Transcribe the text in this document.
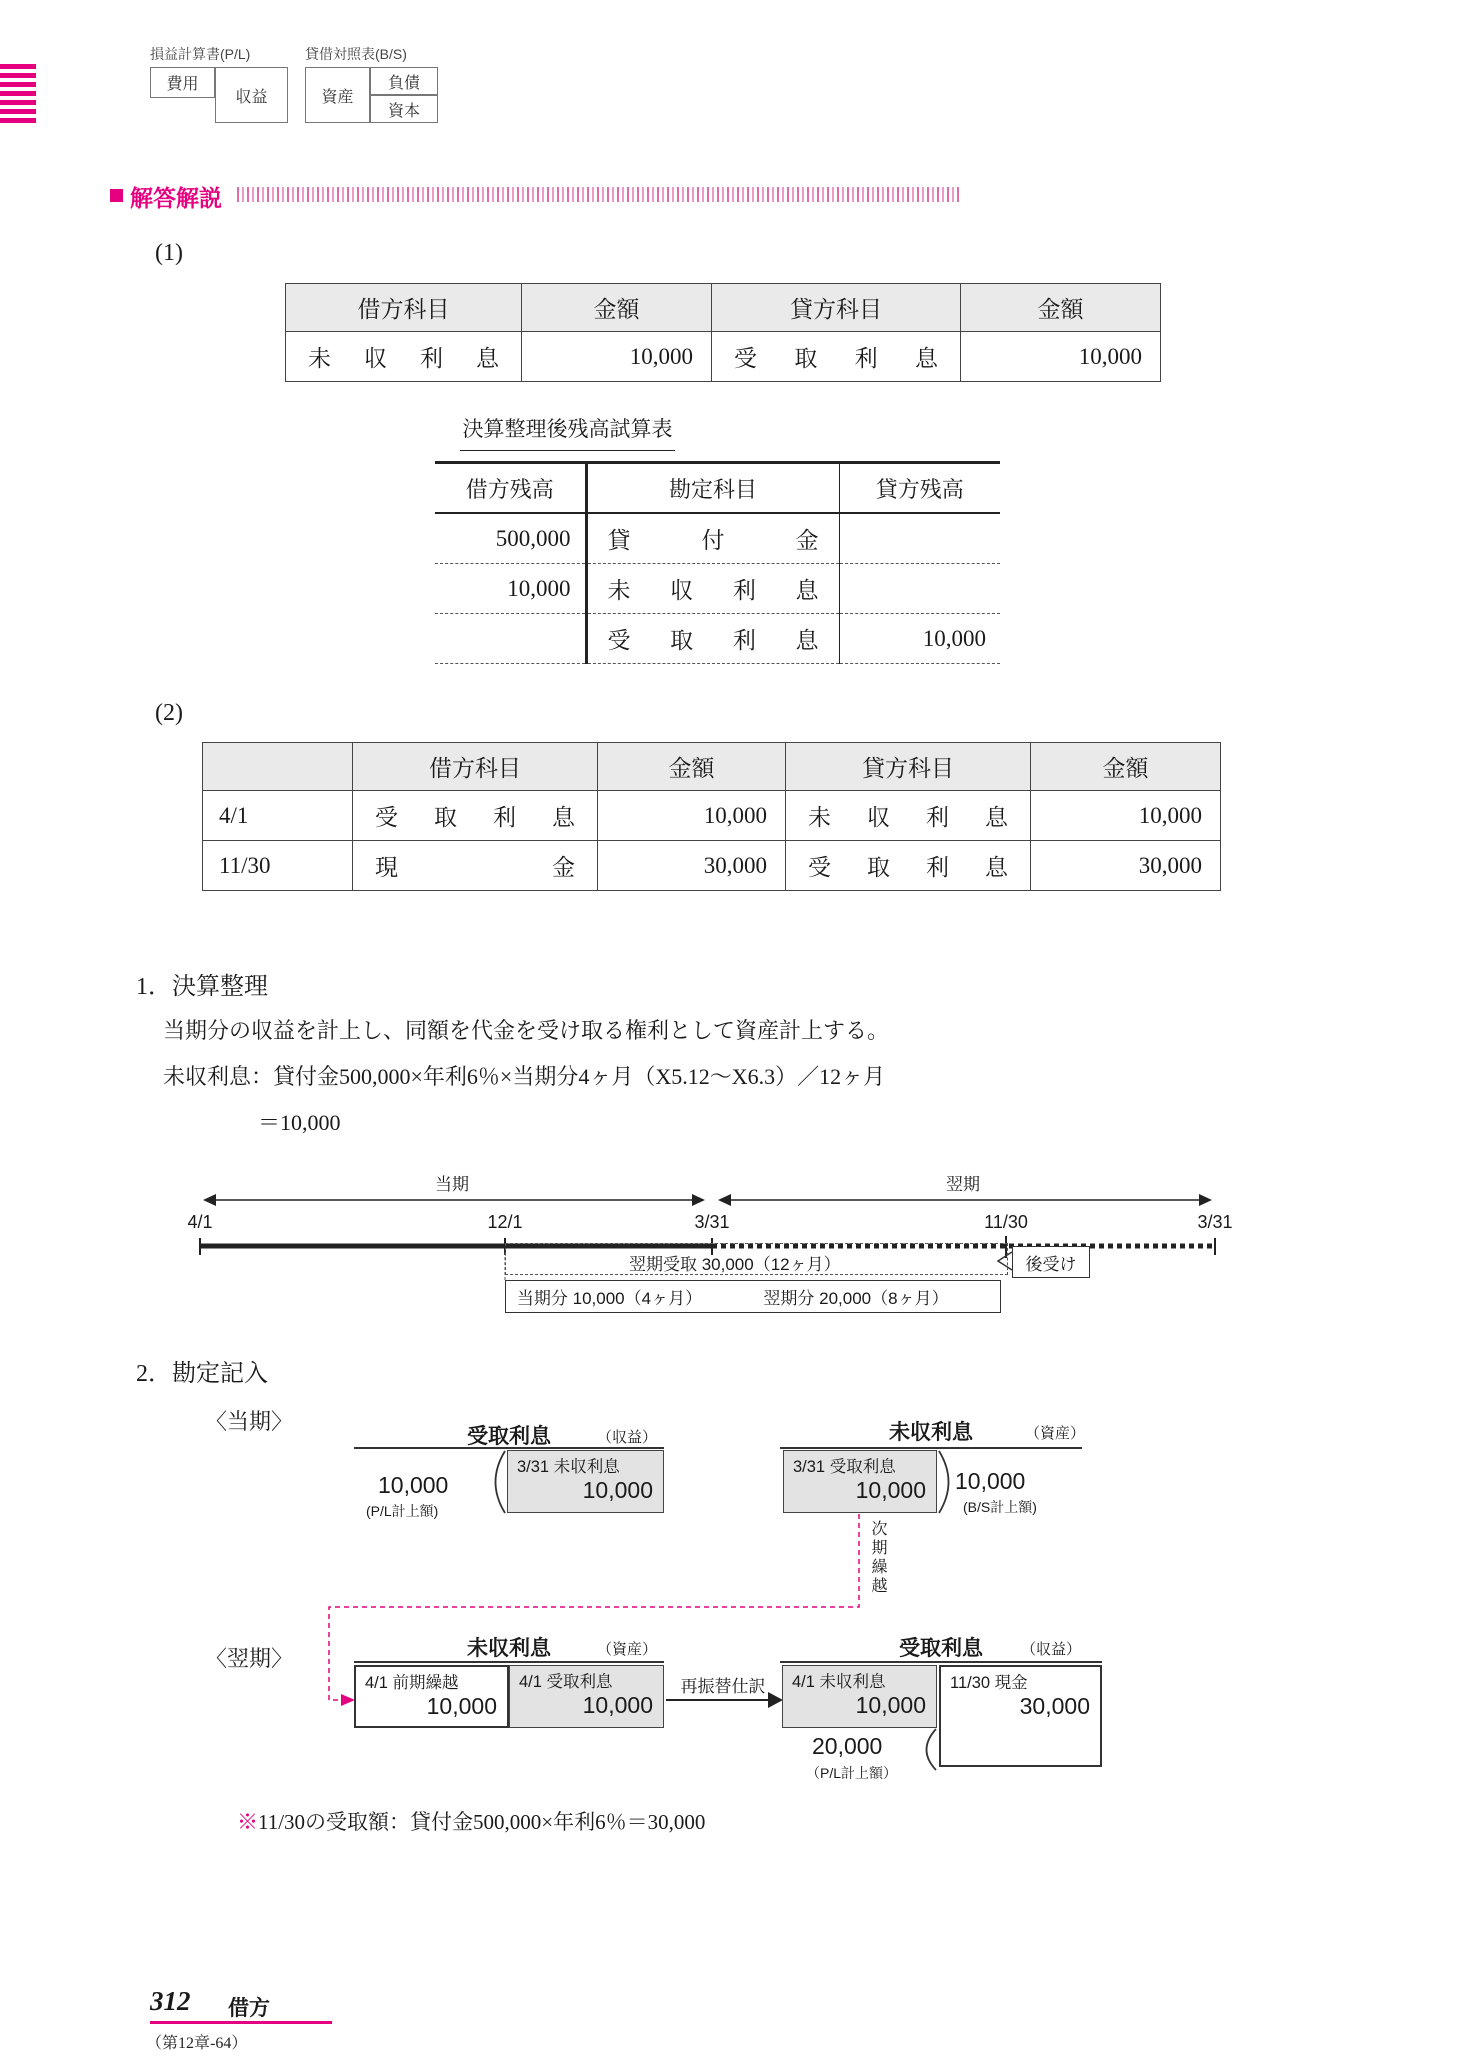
損益計算書(P/L)
費用
収益
貸借対照表(B/S)
資産
負債
資本
解答解説
(1)
借方科目	金額	貸方科目	金額

未 収 利 息	10,000	受 取 利 息	10,000
決算整理後残高試算表
借方残高	勘定科目	貸方残高
500,000	貸 付 金	

10,000	未 収 利 息	

	受 取 利 息	10,000
(2)
	借方科目	金額	貸方科目	金額
4/1	受 取 利 息	10,000	未 収 利 息	10,000
11/30	現 金	30,000	受 取 利 息	30,000
1．決算整理
当期分の収益を計上し、同額を代金を受け取る権利として資産計上する。
未収利息：貸付金500,000×年利6％×当期分4ヶ月（X5.12～X6.3）／12ヶ月
＝10,000
当期	翌期
4/1	12/1	3/31	11/30	3/31
翌期受取 30,000（12ヶ月）	後受け
当期分 10,000（4ヶ月）	翌期分 20,000（8ヶ月）
2．勘定記入
〈当期〉
受取利息	（収益）
10,000
(P/L計上額)
3/31 未収利息
10,000
未収利息	（資産）
3/31 受取利息
10,000	10,000
(B/S計上額)
次期繰越
〈翌期〉	未収利息	（資産）
4/1 前期繰越
10,000
4/1 受取利息
10,000
再振替仕訳
受取利息	（収益）
4/1 未収利息
10,000
11/30 現金
30,000
20,000
（P/L計上額）
※11/30の受取額：貸付金500,000×年利6％＝30,000
312 借方
（第12章-64）
